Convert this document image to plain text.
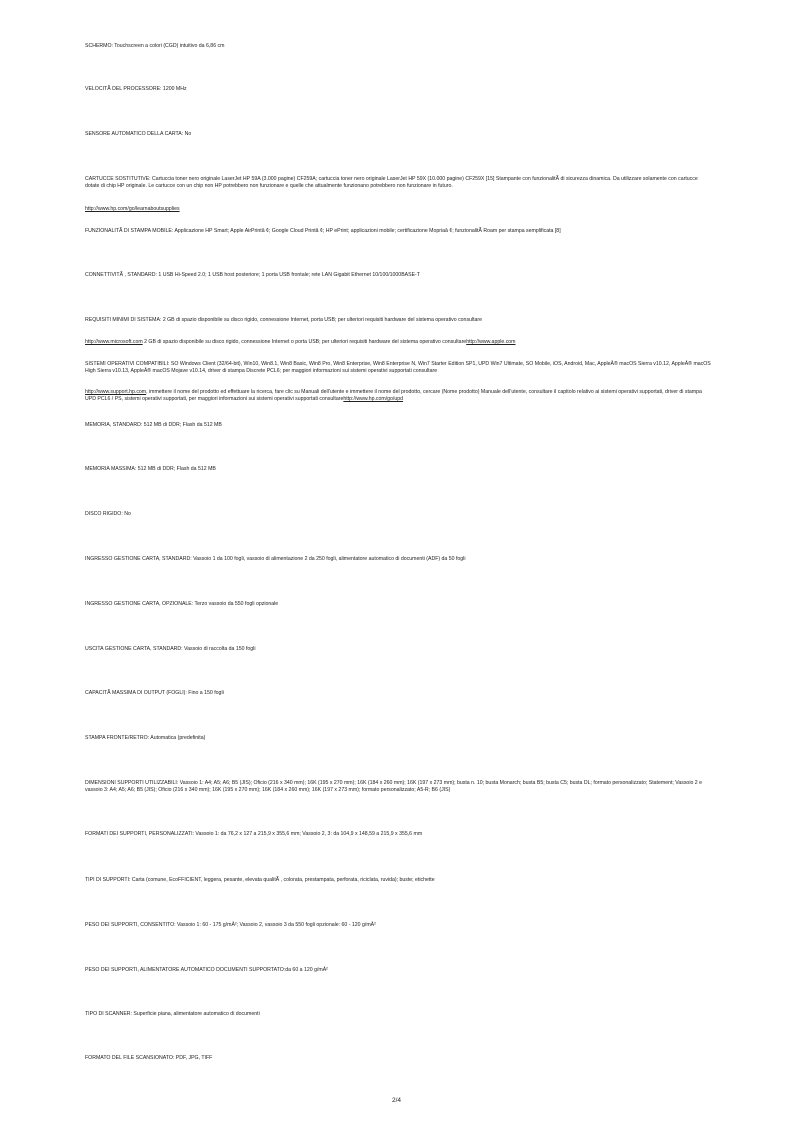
SCHERMO: Touchscreen a colori (CGD) intuitivo da 6,86 cm
VELOCITÃ DEL PROCESSORE: 1200 MHz
SENSORE AUTOMATICO DELLA CARTA: No
CARTUCCE SOSTITUTIVE: Cartuccia toner nero originale LaserJet HP 59A (3.000 pagine) CF259A; cartuccia toner nero originale LaserJet HP 59X (10.000 pagine) CF259X [15] Stampante con funzionalitÃ di sicurezza dinamica. Da utilizzare solamente con cartucce dotate di chip HP originale. Le cartucce con un chip non HP potrebbero non funzionare e quelle che attualmente funzionano potrebbero non funzionare in futuro.
http://www.hp.com/go/learnaboutsupplies
FUNZIONALITÃ DI STAMPA MOBILE: Applicazione HP Smart; Apple AirPrintâ ¢; Google Cloud Printâ ¢; HP ePrint; applicazioni mobile; certificazione Mopriaâ ¢; funzionalitÃ Roam per stampa semplificata [8]
CONNETTIVITÃ , STANDARD: 1 USB Hi-Speed 2.0; 1 USB host posteriore; 1 porta USB frontale; rete LAN Gigabit Ethernet 10/100/1000BASE-T
REQUISITI MINIMI DI SISTEMA: 2 GB di spazio disponibile su disco rigido, connessione Internet, porta USB; per ulteriori requisiti hardware del sistema operativo consultare
http://www.microsoft.com 2 GB di spazio disponibile su disco rigido, connessione Internet o porta USB; per ulteriori requisiti hardware del sistema operativo consultarehttp://www.apple.com
SISTEMI OPERATIVI COMPATIBILI: SO Windows Client (32/64-bit), Win10, Win8.1, Win8 Basic, Win8 Pro, Win8 Enterprise, Win8 Enterprise N, Win7 Starter Edition SP1, UPD Win7 Ultimate, SO Mobile, iOS, Android, Mac, AppleÂ® macOS Sierra v10.12, AppleÂ® macOS High Sierra v10.13, AppleÂ® macOS Mojave v10.14, driver di stampa Discrete PCL6; per maggiori informazioni sui sistemi operativi supportati consultare
http://www.support.hp.com, immettere il nome del prodotto ed effettuare la ricerca, fare clic su Manuali dell'utente e immettere il nome del prodotto, cercare (Nome prodotto) Manuale dell'utente, consultare il capitolo relativo ai sistemi operativi supportati, driver di stampa UPD PCL6 / PS, sistemi operativi supportati, per maggiori informazioni sui sistemi operativi supportati consultarehttp://www.hp.com/go/upd
MEMORIA, STANDARD: 512 MB di DDR; Flash da 512 MB
MEMORIA MASSIMA: 512 MB di DDR; Flash da 512 MB
DISCO RIGIDO: No
INGRESSO GESTIONE CARTA, STANDARD: Vassoio 1 da 100 fogli, vassoio di alimentazione 2 da 250 fogli, alimentatore automatico di documenti (ADF) da 50 fogli
INGRESSO GESTIONE CARTA, OPZIONALE: Terzo vassoio da 550 fogli opzionale
USCITA GESTIONE CARTA, STANDARD: Vassoio di raccolta da 150 fogli
CAPACITÃ MASSIMA DI OUTPUT (FOGLI): Fino a 150 fogli
STAMPA FRONTE/RETRO: Automatica (predefinita)
DIMENSIONI SUPPORTI UTILIZZABILI: Vassoio 1: A4; A5; A6; B5 (JIS); Oficio (216 x 340 mm); 16K (195 x 270 mm); 16K (184 x 260 mm); 16K (197 x 273 mm); busta n. 10; busta Monarch; busta B5; busta C5; busta DL; formato personalizzato; Statement; Vassoio 2 e vassoio 3: A4; A5; A6; B5 (JIS); Oficio (216 x 340 mm); 16K (195 x 270 mm); 16K (184 x 260 mm); 16K (197 x 273 mm); formato personalizzato; A5-R; B6 (JIS)
FORMATI DEI SUPPORTI, PERSONALIZZATI: Vassoio 1: da 76,2 x 127 a 215,9 x 355,6 mm; Vassoio 2, 3: da 104,9 x 148,59 a 215,9 x 355,6 mm
TIPI DI SUPPORTI: Carta (comune, EcoFFICIENT, leggera, pesante, elevata qualitÃ , colorata, prestampata, perforata, riciclata, ruvida); buste; etichette
PESO DEI SUPPORTI, CONSENTITO: Vassoio 1: 60 - 175 g/mÂ²; Vassoio 2, vassoio 3 da 550 fogli opzionale: 60 - 120 g/mÂ²
PESO DEI SUPPORTI, ALIMENTATORE AUTOMATICO DOCUMENTI SUPPORTATO:da 60 a 120 g/mÂ²
TIPO DI SCANNER: Superficie piana, alimentatore automatico di documenti
FORMATO DEL FILE SCANSIONATO: PDF, JPG, TIFF
2/4
